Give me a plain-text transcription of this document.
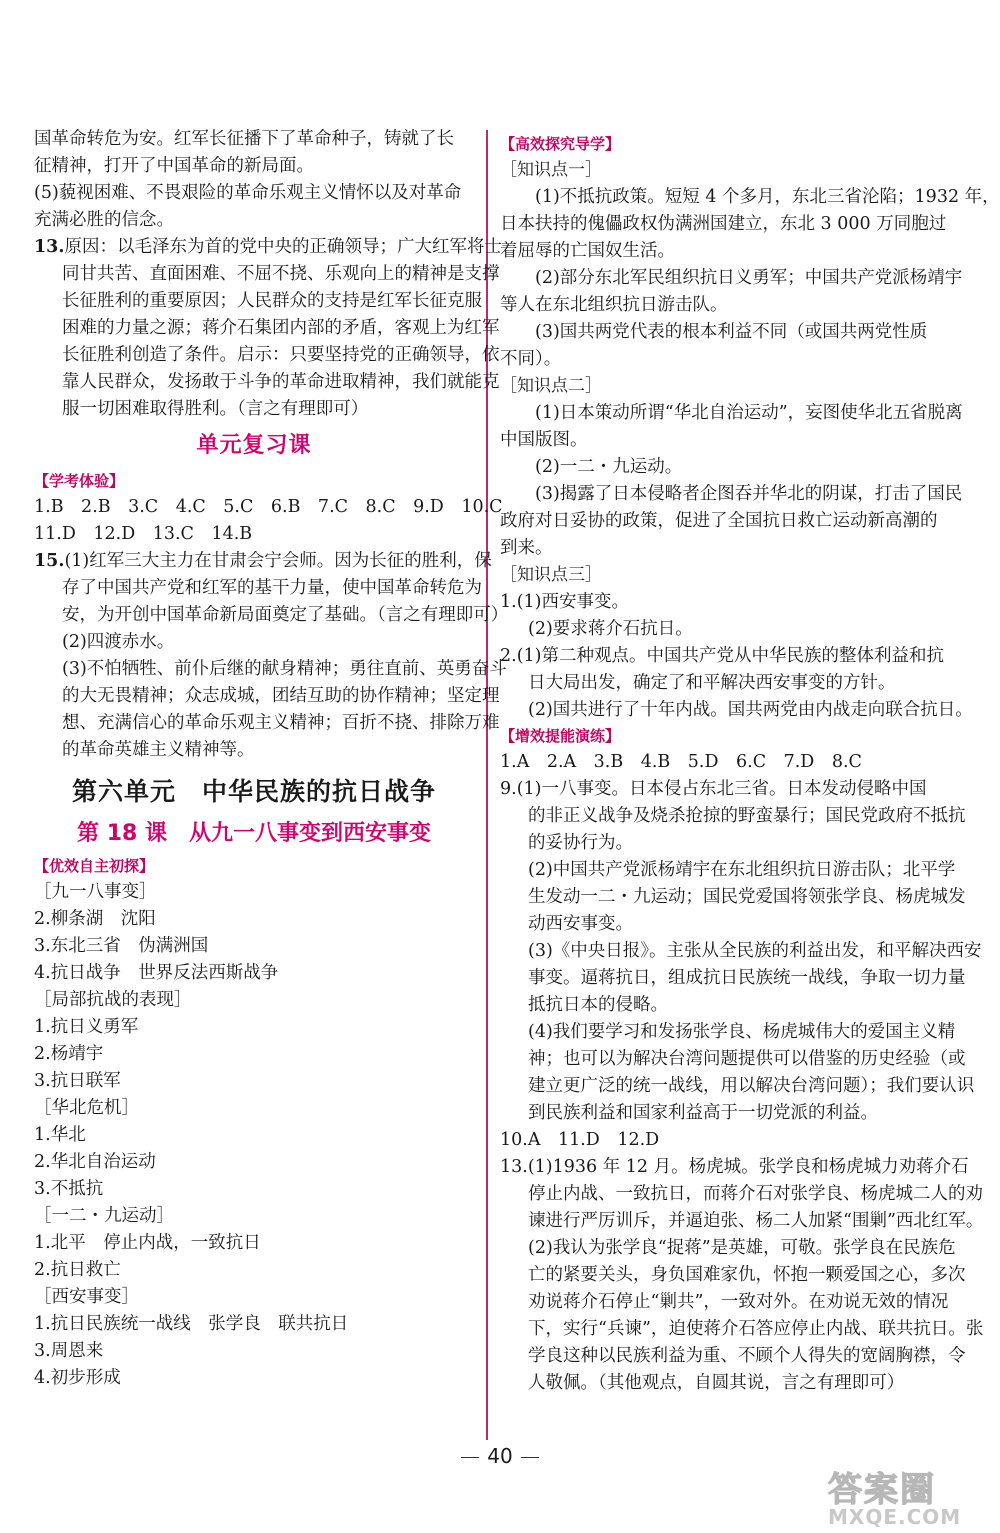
国革命转危为安。红军长征播下了革命种子，铸就了长
征精神，打开了中国革命的新局面。
(5)藐视困难、不畏艰险的革命乐观主义情怀以及对革命
充满必胜的信念。
13.原因：以毛泽东为首的党中央的正确领导；广大红军将士
同甘共苦、直面困难、不屈不挠、乐观向上的精神是支撑
长征胜利的重要原因；人民群众的支持是红军长征克服
困难的力量之源；蒋介石集团内部的矛盾，客观上为红军
长征胜利创造了条件。启示：只要坚持党的正确领导，依
靠人民群众，发扬敢于斗争的革命进取精神，我们就能克
服一切困难取得胜利。（言之有理即可）
单元复习课
【学考体验】
1.B　2.B　3.C　4.C　5.C　6.B　7.C　8.C　9.D　10.C
11.D　12.D　13.C　14.B
15.(1)红军三大主力在甘肃会宁会师。因为长征的胜利，保
存了中国共产党和红军的基干力量，使中国革命转危为
安，为开创中国革命新局面奠定了基础。（言之有理即可）
(2)四渡赤水。
(3)不怕牺牲、前仆后继的献身精神；勇往直前、英勇奋斗
的大无畏精神；众志成城，团结互助的协作精神；坚定理
想、充满信心的革命乐观主义精神；百折不挠、排除万难
的革命英雄主义精神等。
第六单元　中华民族的抗日战争
第 18 课　从九一八事变到西安事变
【优效自主初探】
［九一八事变］
2.柳条湖　沈阳
3.东北三省　伪满洲国
4.抗日战争　世界反法西斯战争
［局部抗战的表现］
1.抗日义勇军
2.杨靖宇
3.抗日联军
［华北危机］
1.华北
2.华北自治运动
3.不抵抗
［一二・九运动］
1.北平　停止内战，一致抗日
2.抗日救亡
［西安事变］
1.抗日民族统一战线　张学良　联共抗日
3.周恩来
4.初步形成
【高效探究导学】
［知识点一］
(1)不抵抗政策。短短 4 个多月，东北三省沦陷；1932 年，
日本扶持的傀儡政权伪满洲国建立，东北 3 000 万同胞过
着屈辱的亡国奴生活。
(2)部分东北军民组织抗日义勇军；中国共产党派杨靖宇
等人在东北组织抗日游击队。
(3)国共两党代表的根本利益不同（或国共两党性质
不同）。
［知识点二］
(1)日本策动所谓“华北自治运动”，妄图使华北五省脱离
中国版图。
(2)一二・九运动。
(3)揭露了日本侵略者企图吞并华北的阴谋，打击了国民
政府对日妥协的政策，促进了全国抗日救亡运动新高潮的
到来。
［知识点三］
1.(1)西安事变。
(2)要求蒋介石抗日。
2.(1)第二种观点。中国共产党从中华民族的整体利益和抗
日大局出发，确定了和平解决西安事变的方针。
(2)国共进行了十年内战。国共两党由内战走向联合抗日。
【增效提能演练】
1.A　2.A　3.B　4.B　5.D　6.C　7.D　8.C
9.(1)一八事变。日本侵占东北三省。日本发动侵略中国
的非正义战争及烧杀抢掠的野蛮暴行；国民党政府不抵抗
的妥协行为。
(2)中国共产党派杨靖宇在东北组织抗日游击队；北平学
生发动一二・九运动；国民党爱国将领张学良、杨虎城发
动西安事变。
(3)《中央日报》。主张从全民族的利益出发，和平解决西安
事变。逼蒋抗日，组成抗日民族统一战线，争取一切力量
抵抗日本的侵略。
(4)我们要学习和发扬张学良、杨虎城伟大的爱国主义精
神；也可以为解决台湾问题提供可以借鉴的历史经验（或
建立更广泛的统一战线，用以解决台湾问题）；我们要认识
到民族利益和国家利益高于一切党派的利益。
10.A　11.D　12.D
13.(1)1936 年 12 月。杨虎城。张学良和杨虎城力劝蒋介石
停止内战、一致抗日，而蒋介石对张学良、杨虎城二人的劝
谏进行严厉训斥，并逼迫张、杨二人加紧“围剿”西北红军。
(2)我认为张学良“捉蒋”是英雄，可敬。张学良在民族危
亡的紧要关头，身负国难家仇，怀抱一颗爱国之心，多次
劝说蒋介石停止“剿共”，一致对外。在劝说无效的情况
下，实行“兵谏”，迫使蒋介石答应停止内战、联共抗日。张
学良这种以民族利益为重、不顾个人得失的宽阔胸襟，令
人敬佩。（其他观点，自圆其说，言之有理即可）
40
答案圈
MXQE.COM
